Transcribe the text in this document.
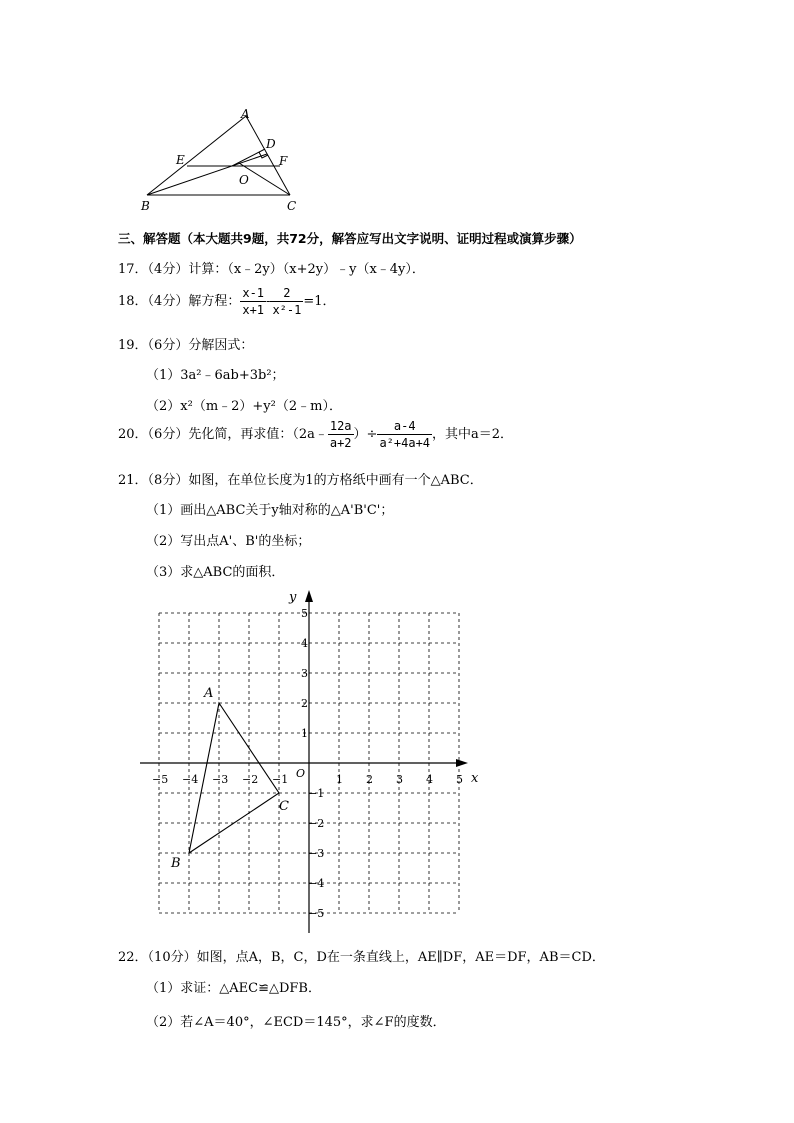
A
D
E	F
O
B	C
三、解答题（本大题共9题，共72分，解答应写出文字说明、证明过程或演算步骤）
17．（4分）计算：（x﹣2y）（x+2y）﹣y（x﹣4y）．
18．（4分）解方程： $\frac{x-1}{x+1} - \frac{2}{\text{x²-1}} =1$．
19．（6分）分解因式：
（1）3a²﹣6ab+3b²；
（2）x²（m﹣2）+y²（2﹣m）．
20．（6分）先化简，再求值：（2a﹣ $\frac{12a}{a+2}$ ）÷ $\frac{a-4}{\text{a²+4a+4}}$ ，其中a＝2．
21．（8分）如图，在单位长度为1的方格纸中画有一个△ABC．
（1）画出△ABC关于y轴对称的△A'B'C'；
（2）写出点A'、B'的坐标；
（3）求△ABC的面积．
x
y
O
−5 −4 −3 −2 −1	1 2 3 4 5
5
4
3
2
1
−1
−2
−3
−4
−5
A
B
C
22．（10分）如图，点A，B，C，D在一条直线上，AE∥DF，AE＝DF，AB＝CD．
（1）求证：△AEC≌△DFB．
（2）若∠A＝40°，∠ECD＝145°，求∠F的度数．
